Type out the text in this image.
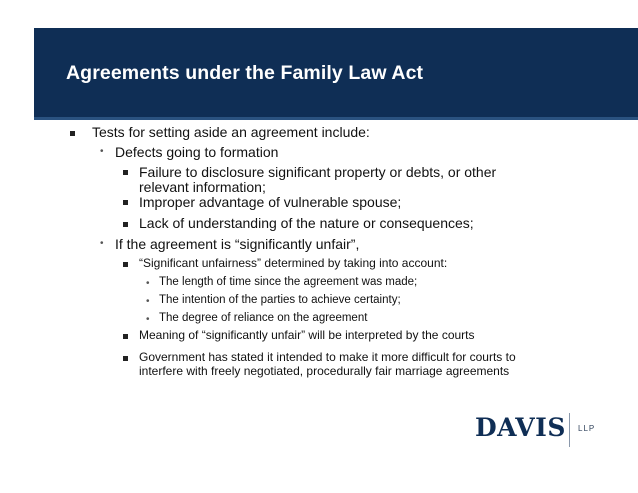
Agreements under the Family Law Act
Tests for setting aside an agreement include:
• Defects going to formation
Failure to disclosure significant property or debts, or other
relevant information;
Improper advantage of vulnerable spouse;
Lack of understanding of the nature or consequences;
• If the agreement is “significantly unfair”,
“Significant unfairness” determined by taking into account:
• The length of time since the agreement was made;
• The intention of the parties to achieve certainty;
• The degree of reliance on the agreement
Meaning of “significantly unfair” will be interpreted by the courts
Government has stated it intended to make it more difficult for courts to
interfere with freely negotiated, procedurally fair marriage agreements
DAVIS LLP
